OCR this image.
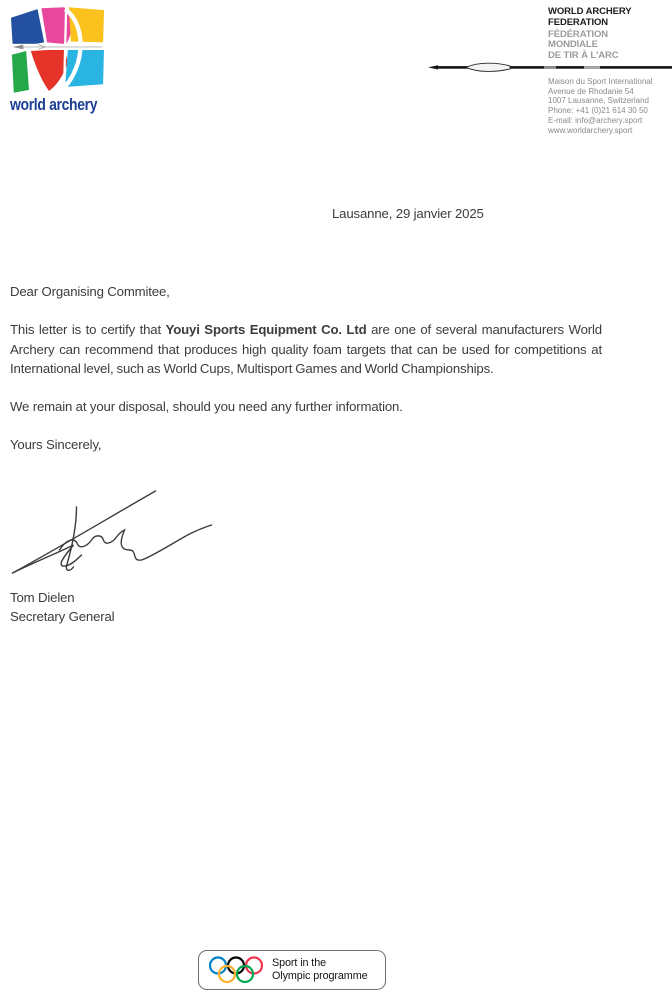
world archery
WORLD ARCHERY
FEDERATION
FÉDÉRATION
MONDIALE
DE TIR À L'ARC
Maison du Sport International
Avenue de Rhodanie 54
1007 Lausanne, Switzerland
Phone: +41 (0)21 614 30 50
E-mail: info@archery.sport
www.worldarchery.sport
Lausanne, 29 janvier 2025

Dear Organising Commitee,

This letter is to certify that Youyi Sports Equipment Co. Ltd are one of several manufacturers World Archery can recommend that produces high quality foam targets that can be used for competitions at International level, such as World Cups, Multisport Games and World Championships.

We remain at your disposal, should you need any further information.

Yours Sincerely,

Tom Dielen
Secretary General
Sport in the
Olympic programme
